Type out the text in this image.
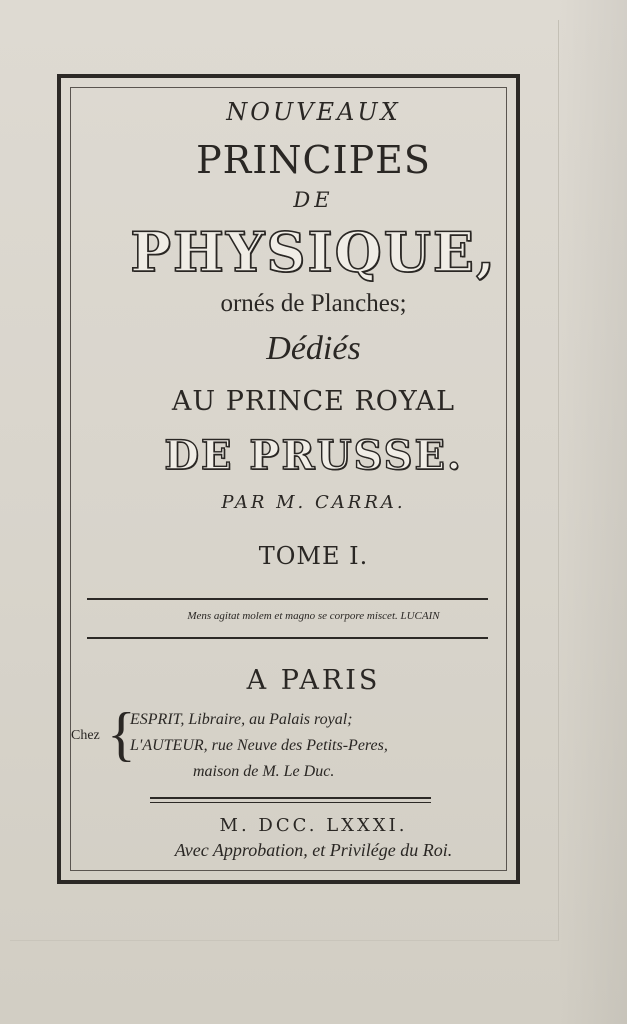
NOUVEAUX
PRINCIPES
DE
PHYSIQUE,
ornés de Planches;
Dédiés
AU PRINCE ROYAL
DE PRUSSE.
PAR M. CARRA.
TOME I.
Mens agitat molem et magno se corpore miscet. LUCAIN
A PARIS
Chez {
ESPRIT, Libraire, au Palais royal;
L'AUTEUR, rue Neuve des Petits-Peres,
maison de M. Le Duc.
M. DCC. LXXXI.
Avec Approbation, et Privilége du Roi.
